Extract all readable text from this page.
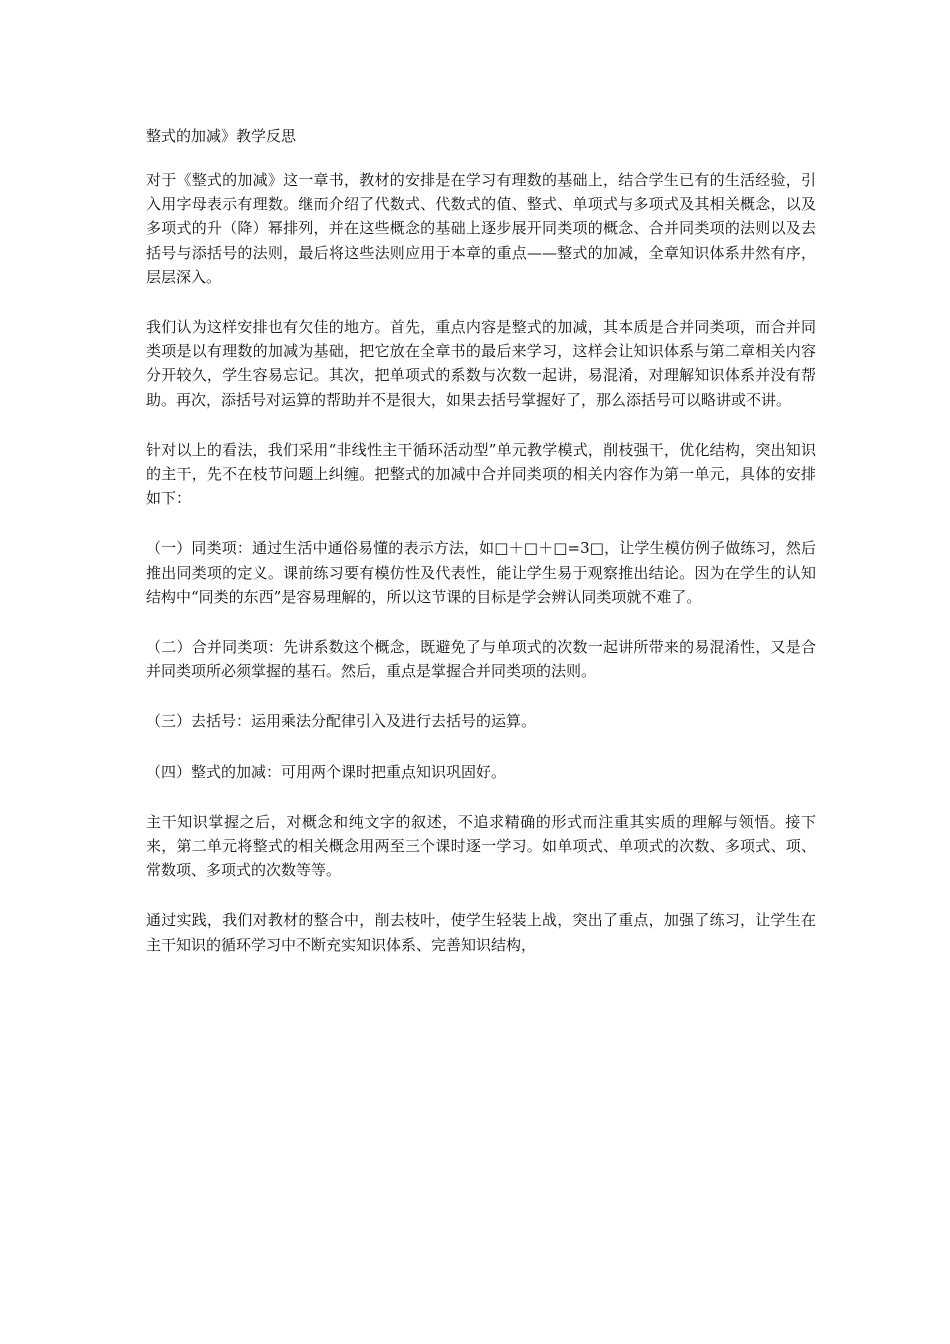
整式的加减》教学反思

对于《整式的加减》这一章书，教材的安排是在学习有理数的基础上，结合学生已有的生活经验，引入用字母表示有理数。继而介绍了代数式、代数式的值、整式、单项式与多项式及其相关概念，以及多项式的升（降）幂排列，并在这些概念的基础上逐步展开同类项的概念、合并同类项的法则以及去括号与添括号的法则，最后将这些法则应用于本章的重点——整式的加减，全章知识体系井然有序，层层深入。

我们认为这样安排也有欠佳的地方。首先，重点内容是整式的加减，其本质是合并同类项，而合并同类项是以有理数的加减为基础，把它放在全章书的最后来学习，这样会让知识体系与第二章相关内容分开较久，学生容易忘记。其次，把单项式的系数与次数一起讲，易混淆，对理解知识体系并没有帮助。再次，添括号对运算的帮助并不是很大，如果去括号掌握好了，那么添括号可以略讲或不讲。

针对以上的看法，我们采用“非线性主干循环活动型”单元教学模式，削枝强干，优化结构，突出知识的主干，先不在枝节问题上纠缠。把整式的加减中合并同类项的相关内容作为第一单元，具体的安排如下：

（一）同类项：通过生活中通俗易懂的表示方法，如□＋□＋□=3□，让学生模仿例子做练习，然后推出同类项的定义。课前练习要有模仿性及代表性，能让学生易于观察推出结论。因为在学生的认知结构中“同类的东西”是容易理解的，所以这节课的目标是学会辨认同类项就不难了。

（二）合并同类项：先讲系数这个概念，既避免了与单项式的次数一起讲所带来的易混淆性，又是合并同类项所必须掌握的基石。然后，重点是掌握合并同类项的法则。

（三）去括号：运用乘法分配律引入及进行去括号的运算。

（四）整式的加减：可用两个课时把重点知识巩固好。

主干知识掌握之后，对概念和纯文字的叙述，不追求精确的形式而注重其实质的理解与领悟。接下来，第二单元将整式的相关概念用两至三个课时逐一学习。如单项式、单项式的次数、多项式、项、常数项、多项式的次数等等。

通过实践，我们对教材的整合中，削去枝叶，使学生轻装上战，突出了重点，加强了练习，让学生在主干知识的循环学习中不断充实知识体系、完善知识结构，
